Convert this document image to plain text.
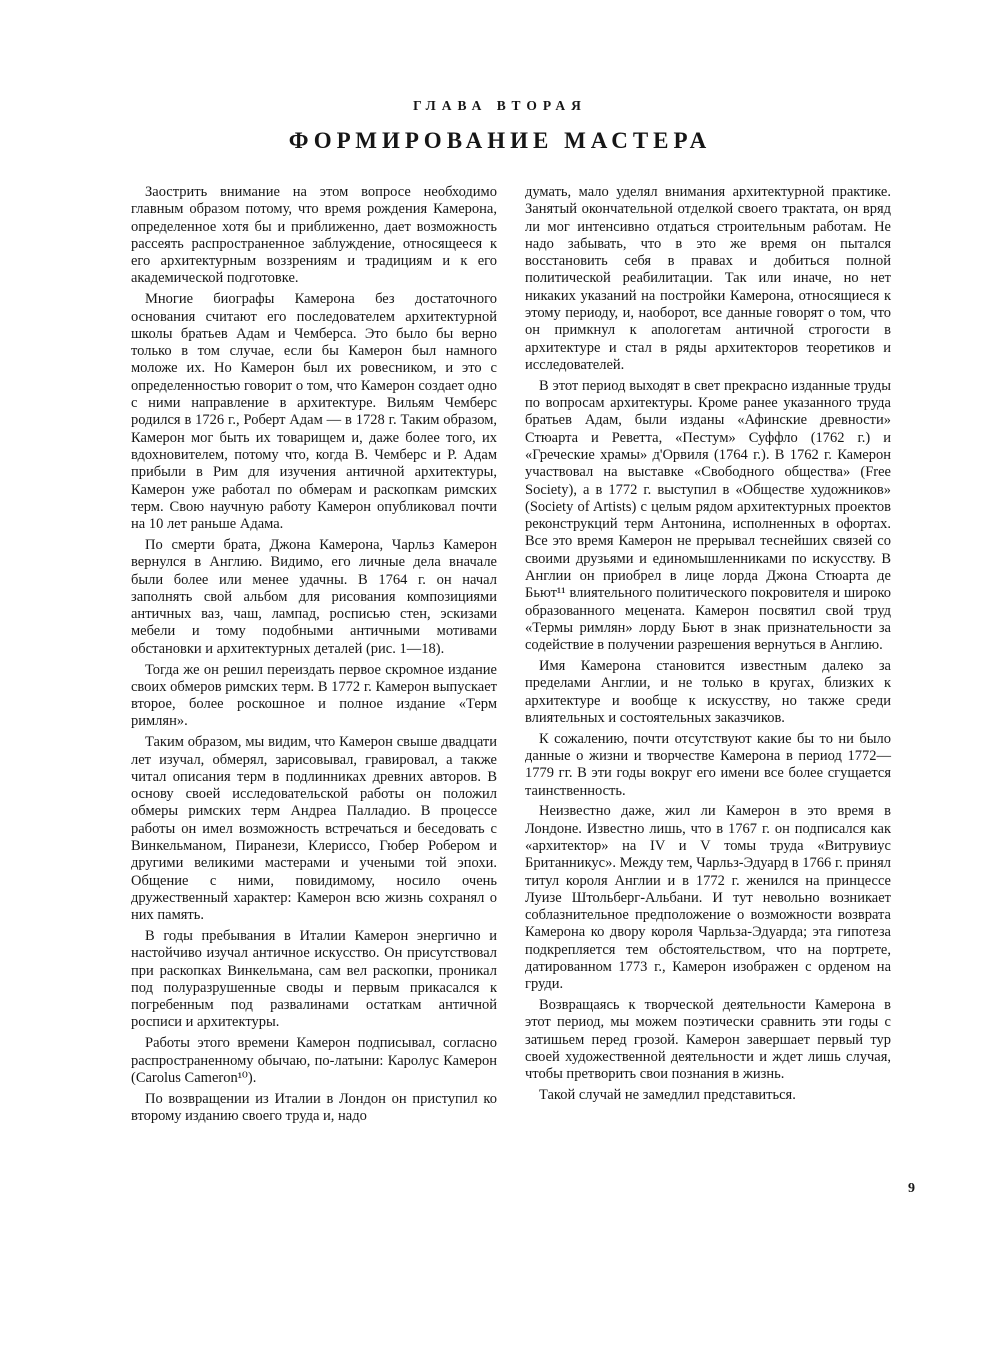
ГЛАВА ВТОРАЯ
ФОРМИРОВАНИЕ МАСТЕРА

Заострить внимание на этом вопросе необходимо главным образом потому, что время рождения Камерона, определенное хотя бы и приближенно, дает возможность рассеять распространенное заблуждение, относящееся к его архитектурным воззрениям и традициям и к его академической подготовке.

Многие биографы Камерона без достаточного основания считают его последователем архитектурной школы братьев Адам и Чемберса. Это было бы верно только в том случае, если бы Камерон был намного моложе их. Но Камерон был их ровесником, и это с определенностью говорит о том, что Камерон создает одно с ними направление в архитектуре. Вильям Чемберс родился в 1726 г., Роберт Адам — в 1728 г. Таким образом, Камерон мог быть их товарищем и, даже более того, их вдохновителем, потому что, когда В. Чемберс и Р. Адам прибыли в Рим для изучения античной архитектуры, Камерон уже работал по обмерам и раскопкам римских терм. Свою научную работу Камерон опубликовал почти на 10 лет раньше Адама.

По смерти брата, Джона Камерона, Чарльз Камерон вернулся в Англию. Видимо, его личные дела вначале были более или менее удачны. В 1764 г. он начал заполнять свой альбом для рисования композициями античных ваз, чаш, лампад, росписью стен, эскизами мебели и тому подобными античными мотивами обстановки и архитектурных деталей (рис. 1—18).

Тогда же он решил переиздать первое скромное издание своих обмеров римских терм. В 1772 г. Камерон выпускает второе, более роскошное и полное издание «Терм римлян».

Таким образом, мы видим, что Камерон свыше двадцати лет изучал, обмерял, зарисовывал, гравировал, а также читал описания терм в подлинниках древних авторов. В основу своей исследовательской работы он положил обмеры римских терм Андреа Палладио. В процессе работы он имел возможность встречаться и беседовать с Винкельманом, Пиранези, Клериссо, Гюбер Робером и другими великими мастерами и учеными той эпохи. Общение с ними, повидимому, носило очень дружественный характер: Камерон всю жизнь сохранял о них память.

В годы пребывания в Италии Камерон энергично и настойчиво изучал античное искусство. Он присутствовал при раскопках Винкельмана, сам вел раскопки, проникал под полуразрушенные своды и первым прикасался к погребенным под развалинами остаткам античной росписи и архитектуры.

Работы этого времени Камерон подписывал, согласно распространенному обычаю, по-латыни: Каролус Камерон (Carolus Cameron¹⁰).

По возвращении из Италии в Лондон он приступил ко второму изданию своего труда и, надо

думать, мало уделял внимания архитектурной практике. Занятый окончательной отделкой своего трактата, он вряд ли мог интенсивно отдаться строительным работам. Не надо забывать, что в это же время он пытался восстановить себя в правах и добиться полной политической реабилитации. Так или иначе, но нет никаких указаний на постройки Камерона, относящиеся к этому периоду, и, наоборот, все данные говорят о том, что он примкнул к апологетам античной строгости в архитектуре и стал в ряды архитекторов теоретиков и исследователей.

В этот период выходят в свет прекрасно изданные труды по вопросам архитектуры. Кроме ранее указанного труда братьев Адам, были изданы «Афинские древности» Стюарта и Реветта, «Пестум» Суффло (1762 г.) и «Греческие храмы» д'Орвиля (1764 г.). В 1762 г. Камерон участвовал на выставке «Свободного общества» (Free Society), а в 1772 г. выступил в «Обществе художников» (Society of Artists) с целым рядом архитектурных проектов реконструкций терм Антонина, исполненных в офортах. Все это время Камерон не прерывал теснейших связей со своими друзьями и единомышленниками по искусству. В Англии он приобрел в лице лорда Джона Стюарта де Бьют¹¹ влиятельного политического покровителя и широко образованного мецената. Камерон посвятил свой труд «Термы римлян» лорду Бьют в знак признательности за содействие в получении разрешения вернуться в Англию.

Имя Камерона становится известным далеко за пределами Англии, и не только в кругах, близких к архитектуре и вообще к искусству, но также среди влиятельных и состоятельных заказчиков.

К сожалению, почти отсутствуют какие бы то ни было данные о жизни и творчестве Камерона в период 1772—1779 гг. В эти годы вокруг его имени все более сгущается таинственность.

Неизвестно даже, жил ли Камерон в это время в Лондоне. Известно лишь, что в 1767 г. он подписался как «архитектор» на IV и V томы труда «Витрувиус Британникус». Между тем, Чарльз-Эдуард в 1766 г. принял титул короля Англии и в 1772 г. женился на принцессе Луизе Штольберг-Альбани. И тут невольно возникает соблазнительное предположение о возможности возврата Камерона ко двору короля Чарльза-Эдуарда; эта гипотеза подкрепляется тем обстоятельством, что на портрете, датированном 1773 г., Камерон изображен с орденом на груди.

Возвращаясь к творческой деятельности Камерона в этот период, мы можем поэтически сравнить эти годы с затишьем перед грозой. Камерон завершает первый тур своей художественной деятельности и ждет лишь случая, чтобы претворить свои познания в жизнь.

Такой случай не замедлил представиться.

9
